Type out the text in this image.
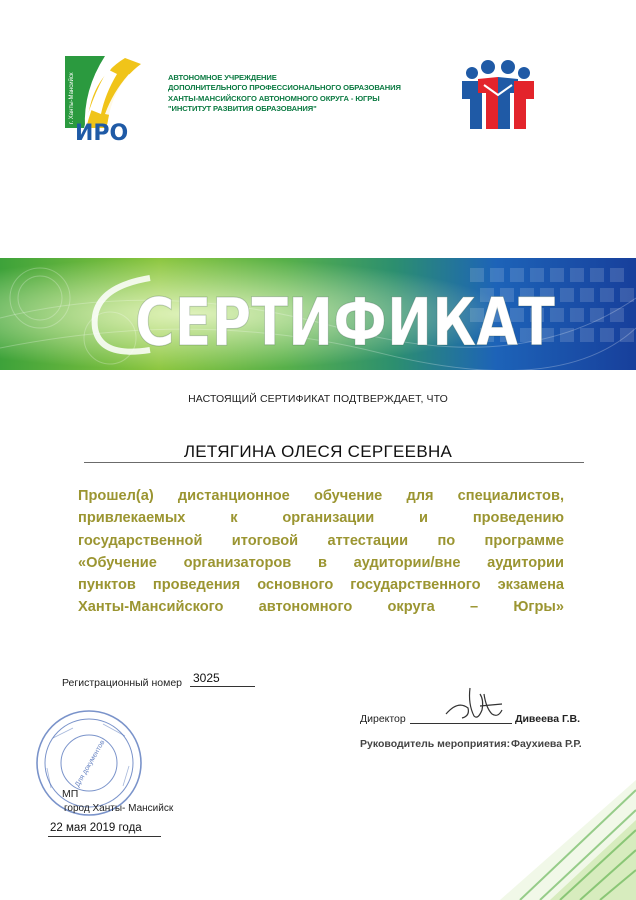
ИРО
г. Ханты-Мансийск	АВТОНОМНОЕ УЧРЕЖДЕНИЕ
ДОПОЛНИТЕЛЬНОГО ПРОФЕССИОНАЛЬНОГО ОБРАЗОВАНИЯ
ХАНТЫ-МАНСИЙСКОГО АВТОНОМНОГО ОКРУГА - ЮГРЫ
"ИНСТИТУТ РАЗВИТИЯ ОБРАЗОВАНИЯ"
СЕРТИФИКАТ
НАСТОЯЩИЙ СЕРТИФИКАТ ПОДТВЕРЖДАЕТ, ЧТО
ЛЕТЯГИНА ОЛЕСЯ СЕРГЕЕВНА
Прошел(а) дистанционное обучение для специалистов,
привлекаемых к организации и проведению
государственной итоговой аттестации по программе
«Обучение организаторов в аудитории/вне аудитории
пунктов проведения основного государственного экзамена
Ханты-Мансийского автономного округа – Югры»
Регистрационный номер 3025
Директор	Дивеева Г.В.
Руководитель мероприятия: Фаухиева Р.Р.
Для документов
МП
город Ханты- Мансийск
22 мая 2019 года
